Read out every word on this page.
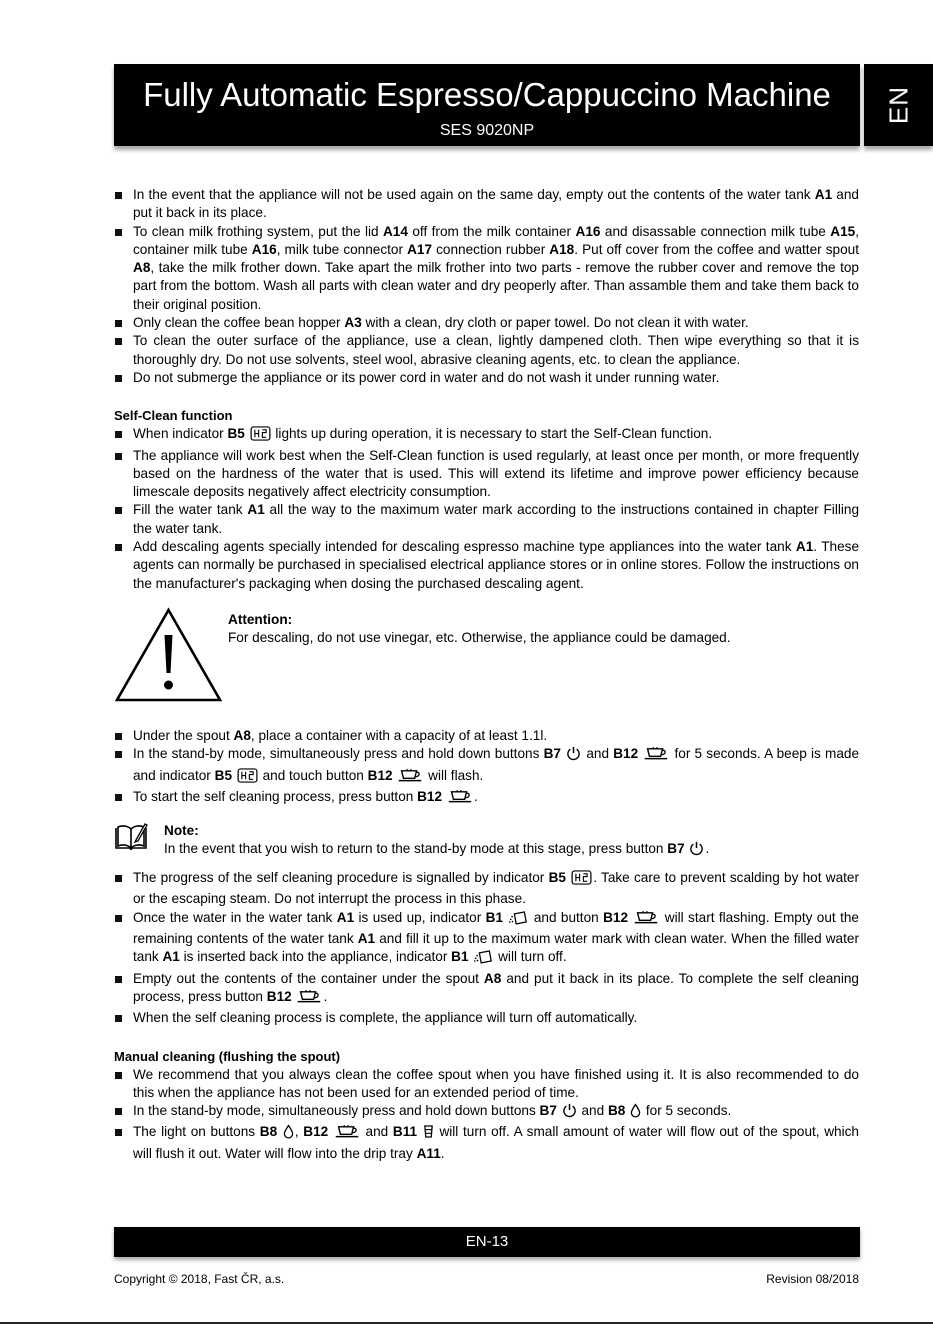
Fully Automatic Espresso/Cappuccino Machine
SES 9020NP
EN
In the event that the appliance will not be used again on the same day, empty out the contents of the water tank A1 and put it back in its place.
To clean milk frothing system, put the lid A14 off from the milk container A16 and disassable connection milk tube A15, container milk tube A16, milk tube connector A17 connection rubber A18. Put off cover from the coffee and watter spout A8, take the milk frother down. Take apart the milk frother into two parts - remove the rubber cover and remove the top part from the bottom. Wash all parts with clean water and dry peoperly after. Than assamble them and take them back to their original position.
Only clean the coffee bean hopper A3 with a clean, dry cloth or paper towel. Do not clean it with water.
To clean the outer surface of the appliance, use a clean, lightly dampened cloth. Then wipe everything so that it is thoroughly dry. Do not use solvents, steel wool, abrasive cleaning agents, etc. to clean the appliance.
Do not submerge the appliance or its power cord in water and do not wash it under running water.
Self-Clean function
When indicator B5  lights up during operation, it is necessary to start the Self-Clean function.
The appliance will work best when the Self-Clean function is used regularly, at least once per month, or more frequently based on the hardness of the water that is used. This will extend its lifetime and improve power efficiency because limescale deposits negatively affect electricity consumption.
Fill the water tank A1 all the way to the maximum water mark according to the instructions contained in chapter Filling the water tank.
Add descaling agents specially intended for descaling espresso machine type appliances into the water tank A1. These agents can normally be purchased in specialised electrical appliance stores or in online stores. Follow the instructions on the manufacturer's packaging when dosing the purchased descaling agent.
Attention:
For descaling, do not use vinegar, etc. Otherwise, the appliance could be damaged.
Under the spout A8, place a container with a capacity of at least 1.1l.
In the stand-by mode, simultaneously press and hold down buttons B7  and B12  for 5 seconds. A beep is made and indicator B5  and touch button B12  will flash.
To start the self cleaning process, press button B12 .
Note:
In the event that you wish to return to the stand-by mode at this stage, press button B7 .
The progress of the self cleaning procedure is signalled by indicator B5 . Take care to prevent scalding by hot water or the escaping steam. Do not interrupt the process in this phase.
Once the water in the water tank A1 is used up, indicator B1  and button B12  will start flashing. Empty out the remaining contents of the water tank A1 and fill it up to the maximum water mark with clean water. When the filled water tank A1 is inserted back into the appliance, indicator B1  will turn off.
Empty out the contents of the container under the spout A8 and put it back in its place. To complete the self cleaning process, press button B12 .
When the self cleaning process is complete, the appliance will turn off automatically.
Manual cleaning (flushing the spout)
We recommend that you always clean the coffee spout when you have finished using it. It is also recommended to do this when the appliance has not been used for an extended period of time.
In the stand-by mode, simultaneously press and hold down buttons B7  and B8  for 5 seconds.
The light on buttons B8 , B12  and B11  will turn off. A small amount of water will flow out of the spout, which will flush it out. Water will flow into the drip tray A11.
EN-13
Copyright © 2018, Fast ČR, a.s.	Revision 08/2018
